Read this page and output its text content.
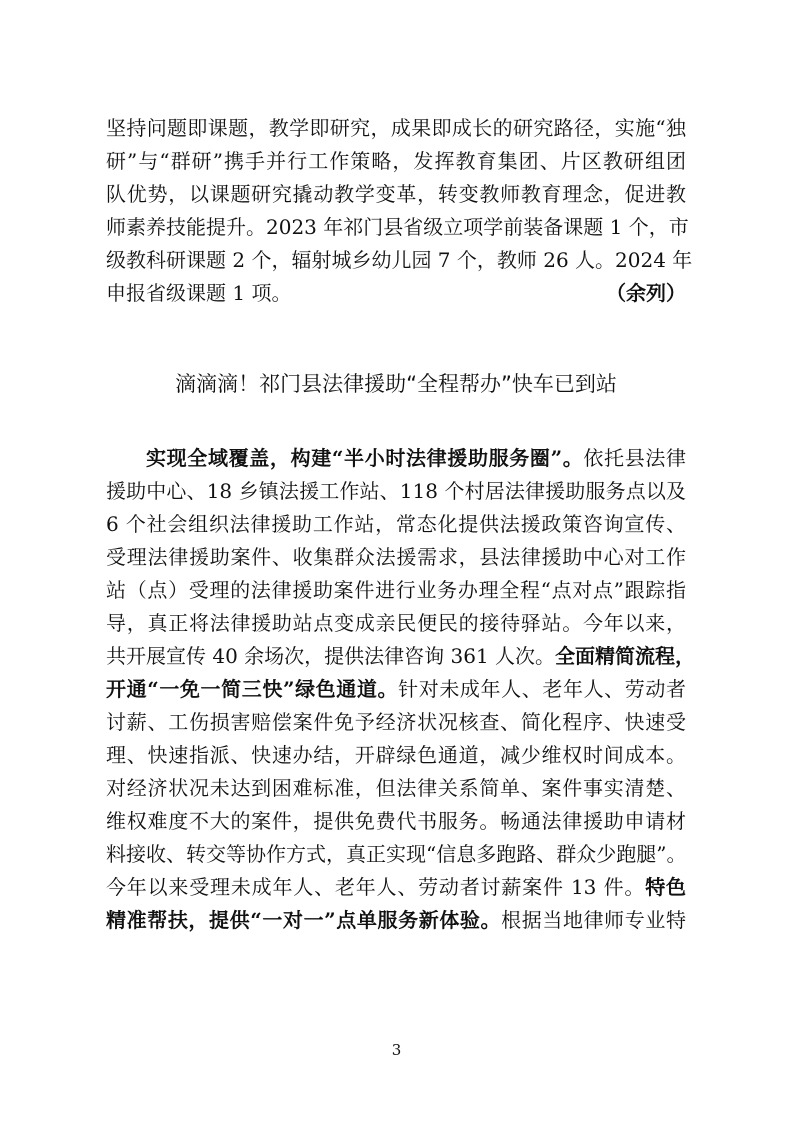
坚持问题即课题，教学即研究，成果即成长的研究路径，实施“独
研”与“群研”携手并行工作策略，发挥教育集团、片区教研组团
队优势，以课题研究撬动教学变革，转变教师教育理念，促进教
师素养技能提升。2023 年祁门县省级立项学前装备课题 1 个，市
级教科研课题 2 个，辐射城乡幼儿园 7 个，教师 26 人。2024 年
申报省级课题 1 项。	（余列）
滴滴滴！祁门县法律援助“全程帮办”快车已到站
实现全域覆盖，构建“半小时法律援助服务圈”。依托县法律
援助中心、18 乡镇法援工作站、118 个村居法律援助服务点以及
6 个社会组织法律援助工作站，常态化提供法援政策咨询宣传、
受理法律援助案件、收集群众法援需求，县法律援助中心对工作
站（点）受理的法律援助案件进行业务办理全程“点对点”跟踪指
导，真正将法律援助站点变成亲民便民的接待驿站。今年以来，
共开展宣传 40 余场次，提供法律咨询 361 人次。全面精简流程，
开通“一免一简三快”绿色通道。针对未成年人、老年人、劳动者
讨薪、工伤损害赔偿案件免予经济状况核查、简化程序、快速受
理、快速指派、快速办结，开辟绿色通道，减少维权时间成本。
对经济状况未达到困难标准，但法律关系简单、案件事实清楚、
维权难度不大的案件，提供免费代书服务。畅通法律援助申请材
料接收、转交等协作方式，真正实现“信息多跑路、群众少跑腿”。
今年以来受理未成年人、老年人、劳动者讨薪案件 13 件。特色
精准帮扶，提供“一对一”点单服务新体验。根据当地律师专业特
3
